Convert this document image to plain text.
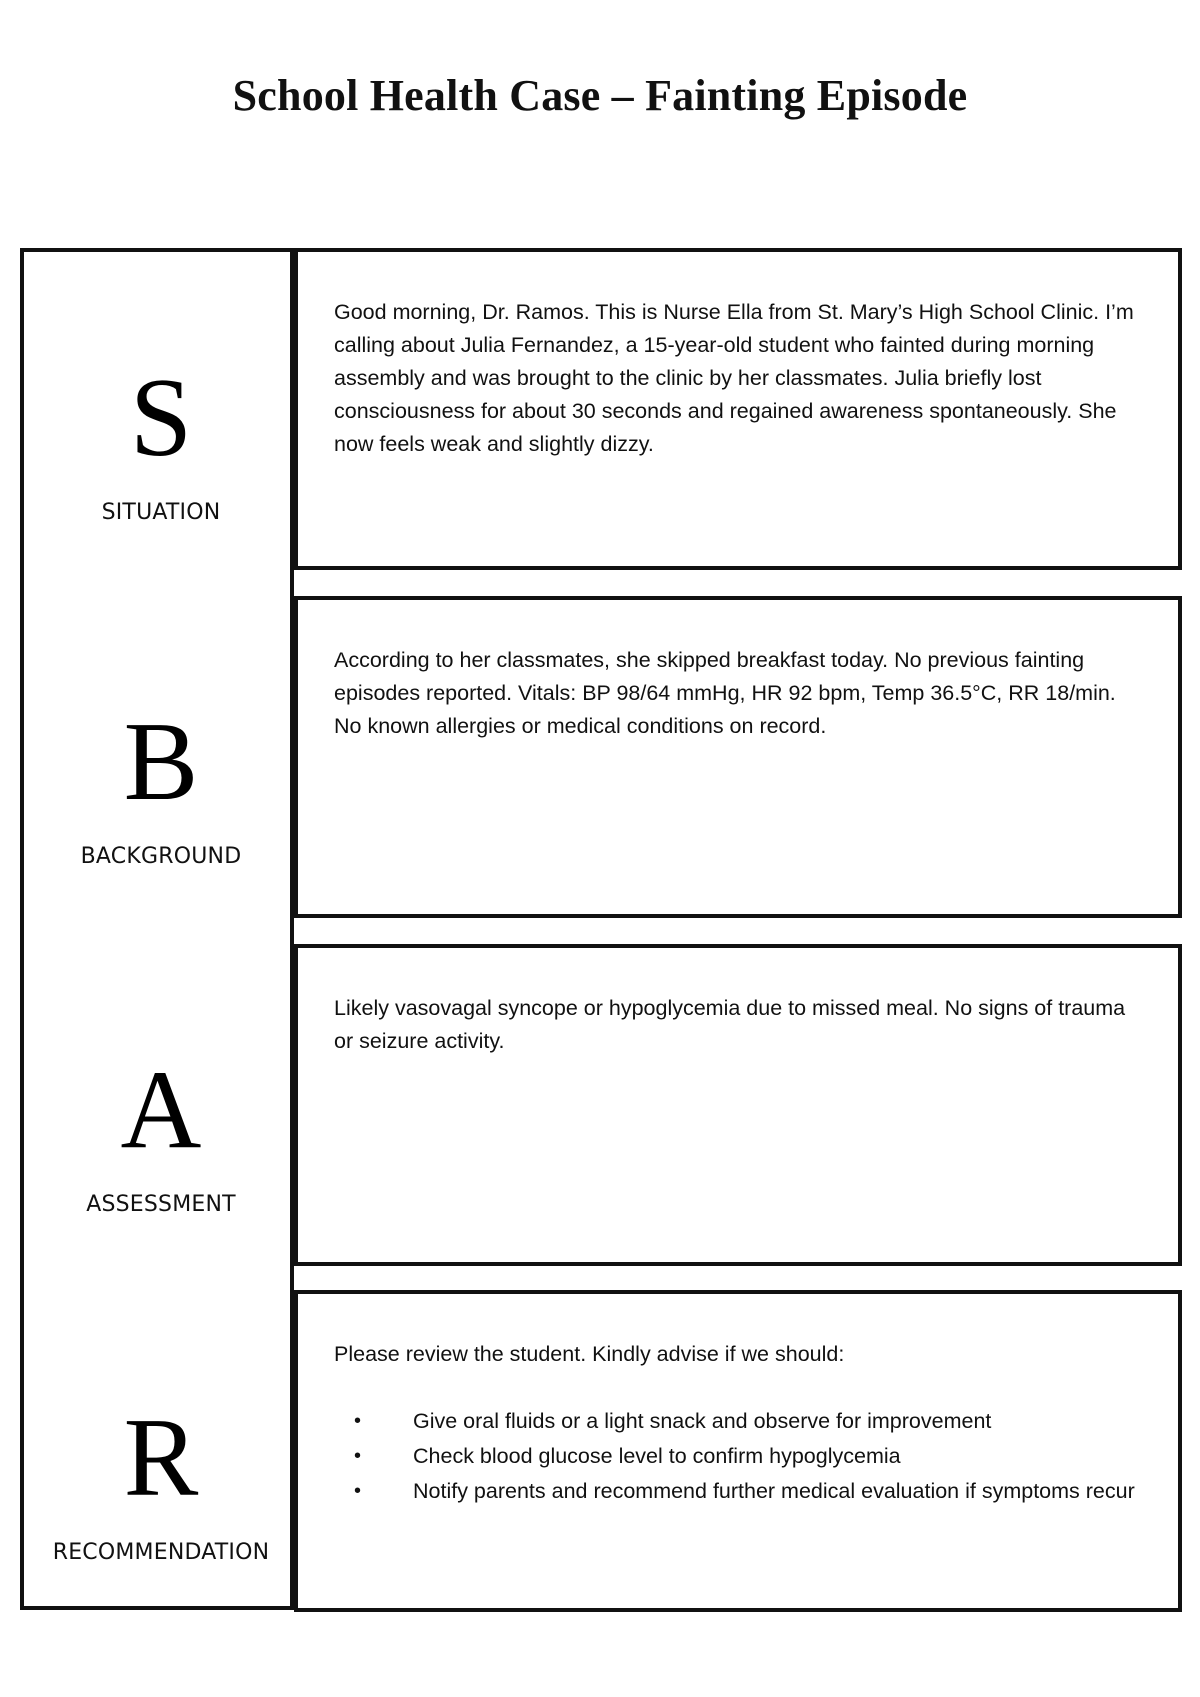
School Health Case – Fainting Episode
S
SITUATION
B
BACKGROUND
A
ASSESSMENT
R
RECOMMENDATION

Good morning, Dr. Ramos. This is Nurse Ella from St. Mary’s High School Clinic. I’m calling about Julia Fernandez, a 15-year-old student who fainted during morning assembly and was brought to the clinic by her classmates. Julia briefly lost consciousness for about 30 seconds and regained awareness spontaneously. She now feels weak and slightly dizzy.

According to her classmates, she skipped breakfast today. No previous fainting episodes reported. Vitals: BP 98/64 mmHg, HR 92 bpm, Temp 36.5°C, RR 18/min. No known allergies or medical conditions on record.

Likely vasovagal syncope or hypoglycemia due to missed meal. No signs of trauma or seizure activity.

Please review the student. Kindly advise if we should:

• Give oral fluids or a light snack and observe for improvement
• Check blood glucose level to confirm hypoglycemia
• Notify parents and recommend further medical evaluation if symptoms recur
